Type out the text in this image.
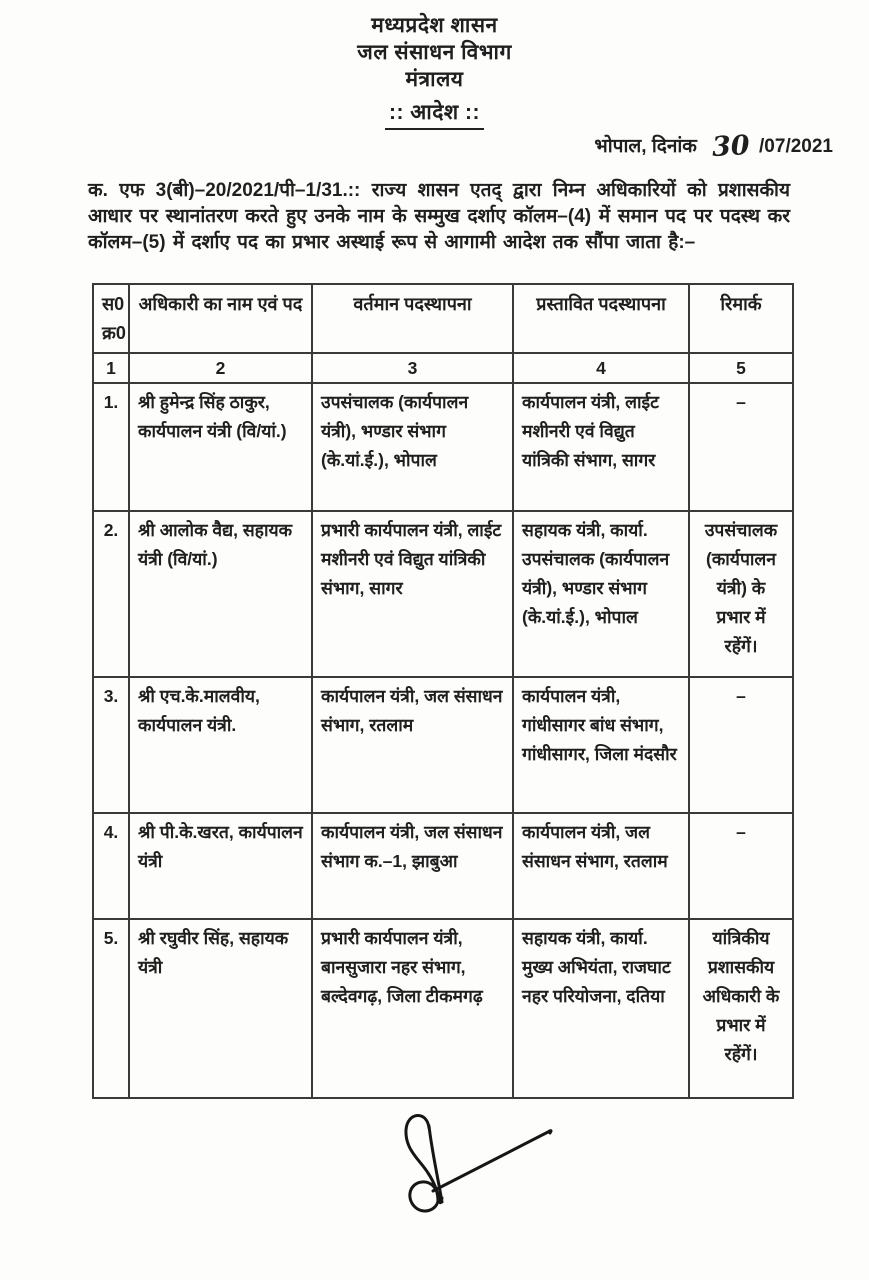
मध्यप्रदेश शासन
जल संसाधन विभाग
मंत्रालय
:: आदेश ::
भोपाल, दिनांक 30 /07/2021

क. एफ 3(बी)–20/2021/पी–1/31.:: राज्य शासन एतद् द्वारा निम्न अधिकारियों को प्रशासकीय आधार पर स्थानांतरण करते हुए उनके नाम के सम्मुख दर्शाए कॉलम–(4) में समान पद पर पदस्थ कर कॉलम–(5) में दर्शाए पद का प्रभार अस्थाई रूप से आगामी आदेश तक सौंपा जाता है:–

स0
क्र0	अधिकारी का नाम एवं पद	वर्तमान पदस्थापना	प्रस्तावित पदस्थापना	रिमार्क
1	2	3	4	5
1.	श्री हुमेन्द्र सिंह ठाकुर, कार्यपालन यंत्री (वि/यां.)	उपसंचालक (कार्यपालन यंत्री), भण्डार संभाग (के.यां.ई.), भोपाल	कार्यपालन यंत्री, लाईट मशीनरी एवं विद्युत यांत्रिकी संभाग, सागर	–
2.	श्री आलोक वैद्य, सहायक यंत्री (वि/यां.)	प्रभारी कार्यपालन यंत्री, लाईट मशीनरी एवं विद्युत यांत्रिकी संभाग, सागर	सहायक यंत्री, कार्या. उपसंचालक (कार्यपालन यंत्री), भण्डार संभाग (के.यां.ई.), भोपाल	उपसंचालक (कार्यपालन यंत्री) के प्रभार में रहेंगें।
3.	श्री एच.के.मालवीय, कार्यपालन यंत्री.	कार्यपालन यंत्री, जल संसाधन संभाग, रतलाम	कार्यपालन यंत्री, गांधीसागर बांध संभाग, गांधीसागर, जिला मंदसौर	–
4.	श्री पी.के.खरत, कार्यपालन यंत्री	कार्यपालन यंत्री, जल संसाधन संभाग क.–1, झाबुआ	कार्यपालन यंत्री, जल संसाधन संभाग, रतलाम	–
5.	श्री रघुवीर सिंह, सहायक यंत्री	प्रभारी कार्यपालन यंत्री, बानसुजारा नहर संभाग, बल्देवगढ़, जिला टीकमगढ़	सहायक यंत्री, कार्या. मुख्य अभियंता, राजघाट नहर परियोजना, दतिया	यांत्रिकीय प्रशासकीय अधिकारी के प्रभार में रहेंगें।
